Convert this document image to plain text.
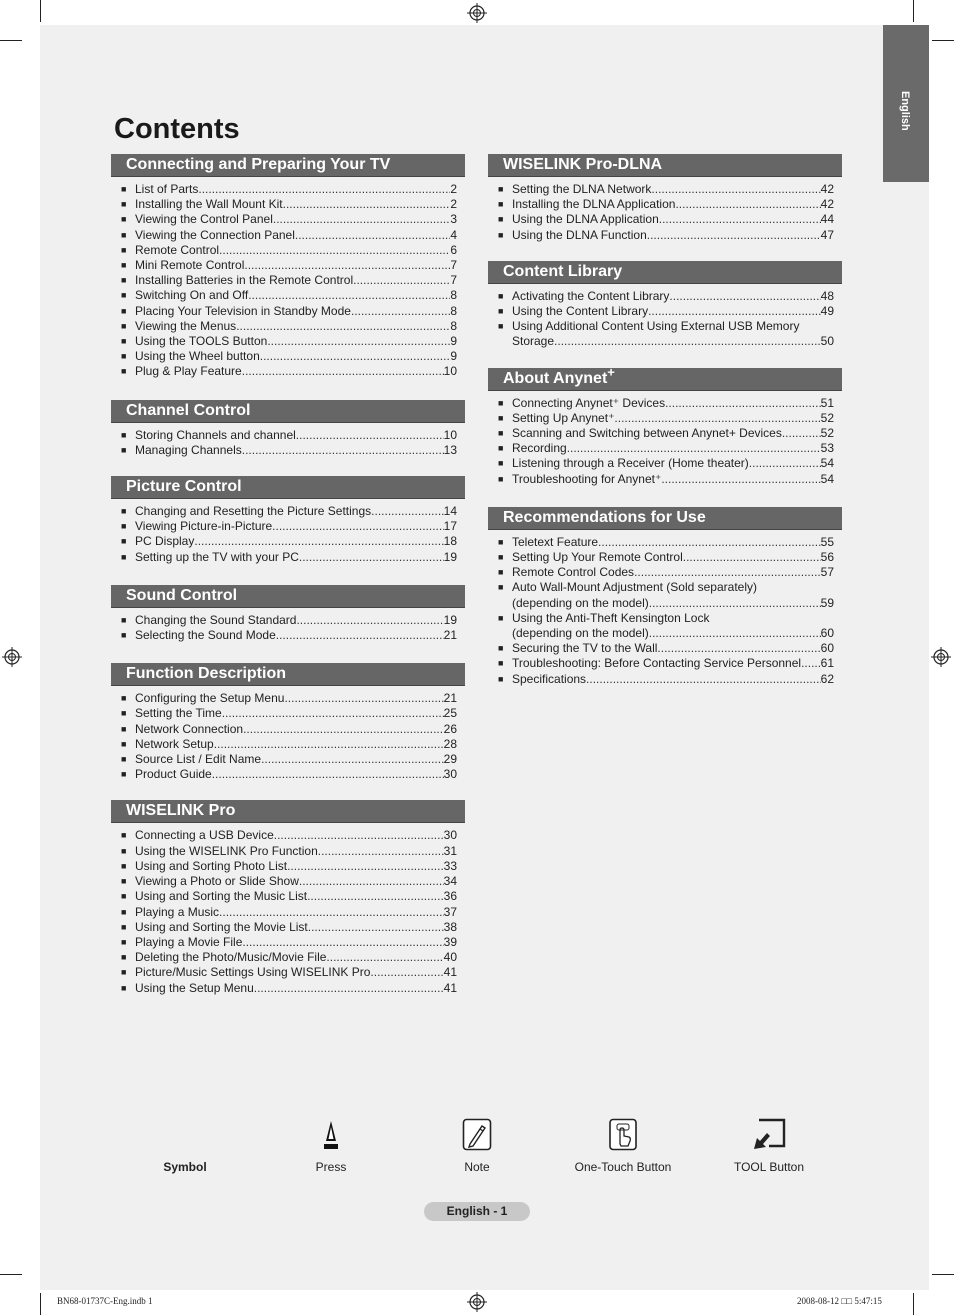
English
Contents
Connecting and Preparing Your TV
■ List of Parts .....	2
■ Installing the Wall Mount Kit .....	2
■ Viewing the Control Panel .....	3
■ Viewing the Connection Panel .....	4
■ Remote Control .....	6
■ Mini Remote Control .....	7
■ Installing Batteries in the Remote Control .....	7
■ Switching On and Off .....	8
■ Placing Your Television in Standby Mode .....	8
■ Viewing the Menus .....	8
■ Using the TOOLS Button .....	9
■ Using the Wheel button .....	9
■ Plug & Play Feature .....	10
Channel Control
■ Storing Channels and channel .....	10
■ Managing Channels .....	13
Picture Control
■ Changing and Resetting the Picture Settings .....	14
■ Viewing Picture-in-Picture .....	17
■ PC Display .....	18
■ Setting up the TV with your PC .....	19
Sound Control
■ Changing the Sound Standard .....	19
■ Selecting the Sound Mode .....	21
Function Description
■ Configuring the Setup Menu .....	21
■ Setting the Time .....	25
■ Network Connection .....	26
■ Network Setup .....	28
■ Source List / Edit Name .....	29
■ Product Guide .....	30
WISELINK Pro
■ Connecting a USB Device .....	30
■ Using the WISELINK Pro Function .....	31
■ Using and Sorting Photo List .....	33
■ Viewing a Photo or Slide Show .....	34
■ Using and Sorting the Music List .....	36
■ Playing a Music .....	37
■ Using and Sorting the Movie List .....	38
■ Playing a Movie File .....	39
■ Deleting the Photo/Music/Movie File .....	40
■ Picture/Music Settings Using WISELINK Pro .....	41
■ Using the Setup Menu .....	41
WISELINK Pro-DLNA
■ Setting the DLNA Network .....	42
■ Installing the DLNA Application .....	42
■ Using the DLNA Application .....	44
■ Using the DLNA Function .....	47
Content Library
■ Activating the Content Library .....	48
■ Using the Content Library .....	49
■ Using Additional Content Using External USB Memory
Storage .....	50
About Anynet+
■ Connecting Anynet⁺ Devices .....	51
■ Setting Up Anynet⁺ .....	52
■ Scanning and Switching between Anynet+ Devices .....	52
■ Recording .....	53
■ Listening through a Receiver (Home theater) .....	54
■ Troubleshooting for Anynet⁺ .....	54
Recommendations for Use
■ Teletext Feature .....	55
■ Setting Up Your Remote Control .....	56
■ Remote Control Codes .....	57
■ Auto Wall-Mount Adjustment (Sold separately)
(depending on the model) .....	59
■ Using the Anti-Theft Kensington Lock
(depending on the model) .....	60
■ Securing the TV to the Wall .....	60
■ Troubleshooting: Before Contacting Service Personnel ..... 61
■ Specifications .....	62
Symbol	Press	Note	One-Touch Button	TOOL Button
English - 1
BN68-01737C-Eng.indb 1	2008-08-12 □□ 5:47:15
